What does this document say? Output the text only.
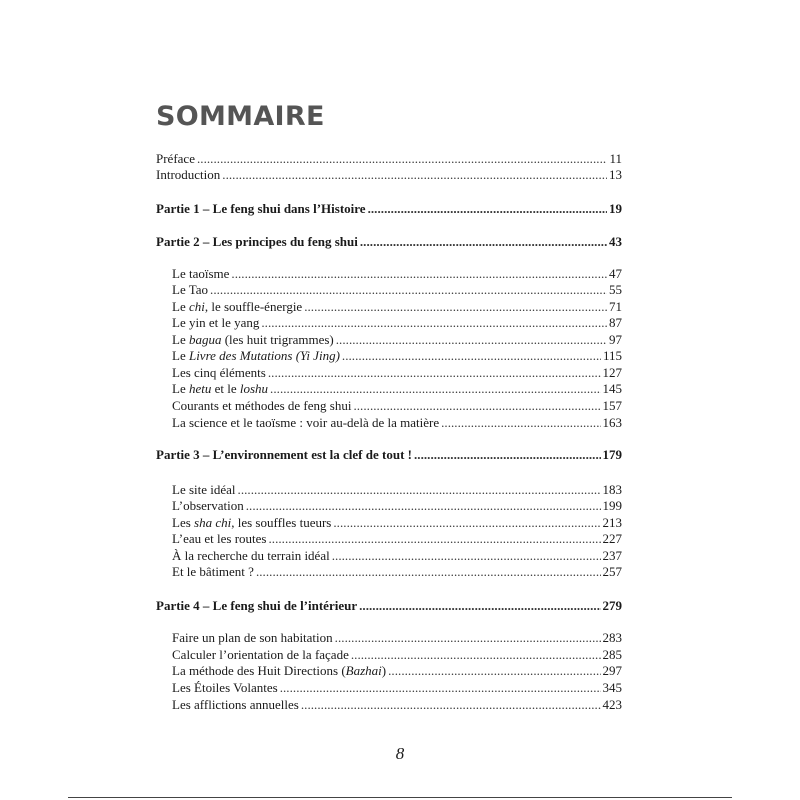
SOMMAIRE
Préface . . .	11
Introduction . . .	13
Partie 1 – Le feng shui dans l’Histoire . . .	19
Partie 2 – Les principes du feng shui . . .	43
Le taoïsme . . .	47
Le Tao . . .	55
Le chi, le souffle-énergie . . .	71
Le yin et le yang . . .	87
Le bagua (les huit trigrammes) . . .	97
Le Livre des Mutations (Yi Jing) . . .	115
Les cinq éléments . . .	127
Le hetu et le loshu . . .	145
Courants et méthodes de feng shui . . .	157
La science et le taoïsme : voir au-delà de la matière . . .	163
Partie 3 – L’environnement est la clef de tout ! . . .	179
Le site idéal . . .	183
L’observation . . .	199
Les sha chi, les souffles tueurs . . .	213
L’eau et les routes . . .	227
À la recherche du terrain idéal . . .	237
Et le bâtiment ? . . .	257
Partie 4 – Le feng shui de l’intérieur . . .	279
Faire un plan de son habitation . . .	283
Calculer l’orientation de la façade . . .	285
La méthode des Huit Directions (Bazhai) . . .	297
Les Étoiles Volantes . . .	345
Les afflictions annuelles . . .	423
8
